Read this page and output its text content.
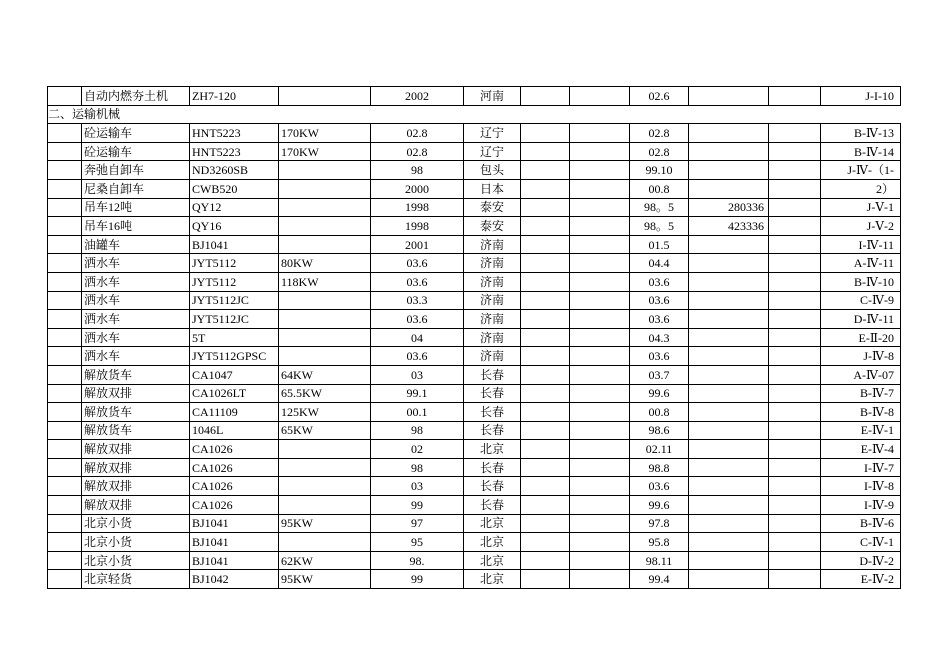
	自动内燃夯土机	ZH7-120		2002	河南			02.6			J-I-10
二、运输机械											
	砼运输车	HNT5223	170KW	02.8	辽宁			02.8			B-Ⅳ-13
	砼运输车	HNT5223	170KW	02.8	辽宁			02.8			B-Ⅳ-14
	奔弛自卸车	ND3260SB		98	包头			99.10			J-Ⅳ-（1-
	尼桑自卸车	CWB520		2000	日本			00.8			2）
	吊车12吨	QY12		1998	泰安			98。5	280336		J-Ⅴ-1
	吊车16吨	QY16		1998	泰安			98。5	423336		J-Ⅴ-2
	油罐车	BJ1041		2001	济南			01.5			I-Ⅳ-11
	洒水车	JYT5112	80KW	03.6	济南			04.4			A-Ⅳ-11
	洒水车	JYT5112	118KW	03.6	济南			03.6			B-Ⅳ-10
	洒水车	JYT5112JC		03.3	济南			03.6			C-Ⅳ-9
	洒水车	JYT5112JC		03.6	济南			03.6			D-Ⅳ-11
	洒水车	5T		04	济南			04.3			E-Ⅱ-20
	洒水车	JYT5112GPSC		03.6	济南			03.6			J-Ⅳ-8
	解放货车	CA1047	64KW	03	长春			03.7			A-Ⅳ-07
	解放双排	CA1026LT	65.5KW	99.1	长春			99.6			B-Ⅳ-7
	解放货车	CA11109	125KW	00.1	长春			00.8			B-Ⅳ-8
	解放货车	1046L	65KW	98	长春			98.6			E-Ⅳ-1
	解放双排	CA1026		02	北京			02.11			E-Ⅳ-4
	解放双排	CA1026		98	长春			98.8			I-Ⅳ-7
	解放双排	CA1026		03	长春			03.6			I-Ⅳ-8
	解放双排	CA1026		99	长春			99.6			I-Ⅳ-9
	北京小货	BJ1041	95KW	97	北京			97.8			B-Ⅳ-6
	北京小货	BJ1041		95	北京			95.8			C-Ⅳ-1
	北京小货	BJ1041	62KW	98.	北京			98.11			D-Ⅳ-2
	北京轻货	BJ1042	95KW	99	北京			99.4			E-Ⅳ-2
